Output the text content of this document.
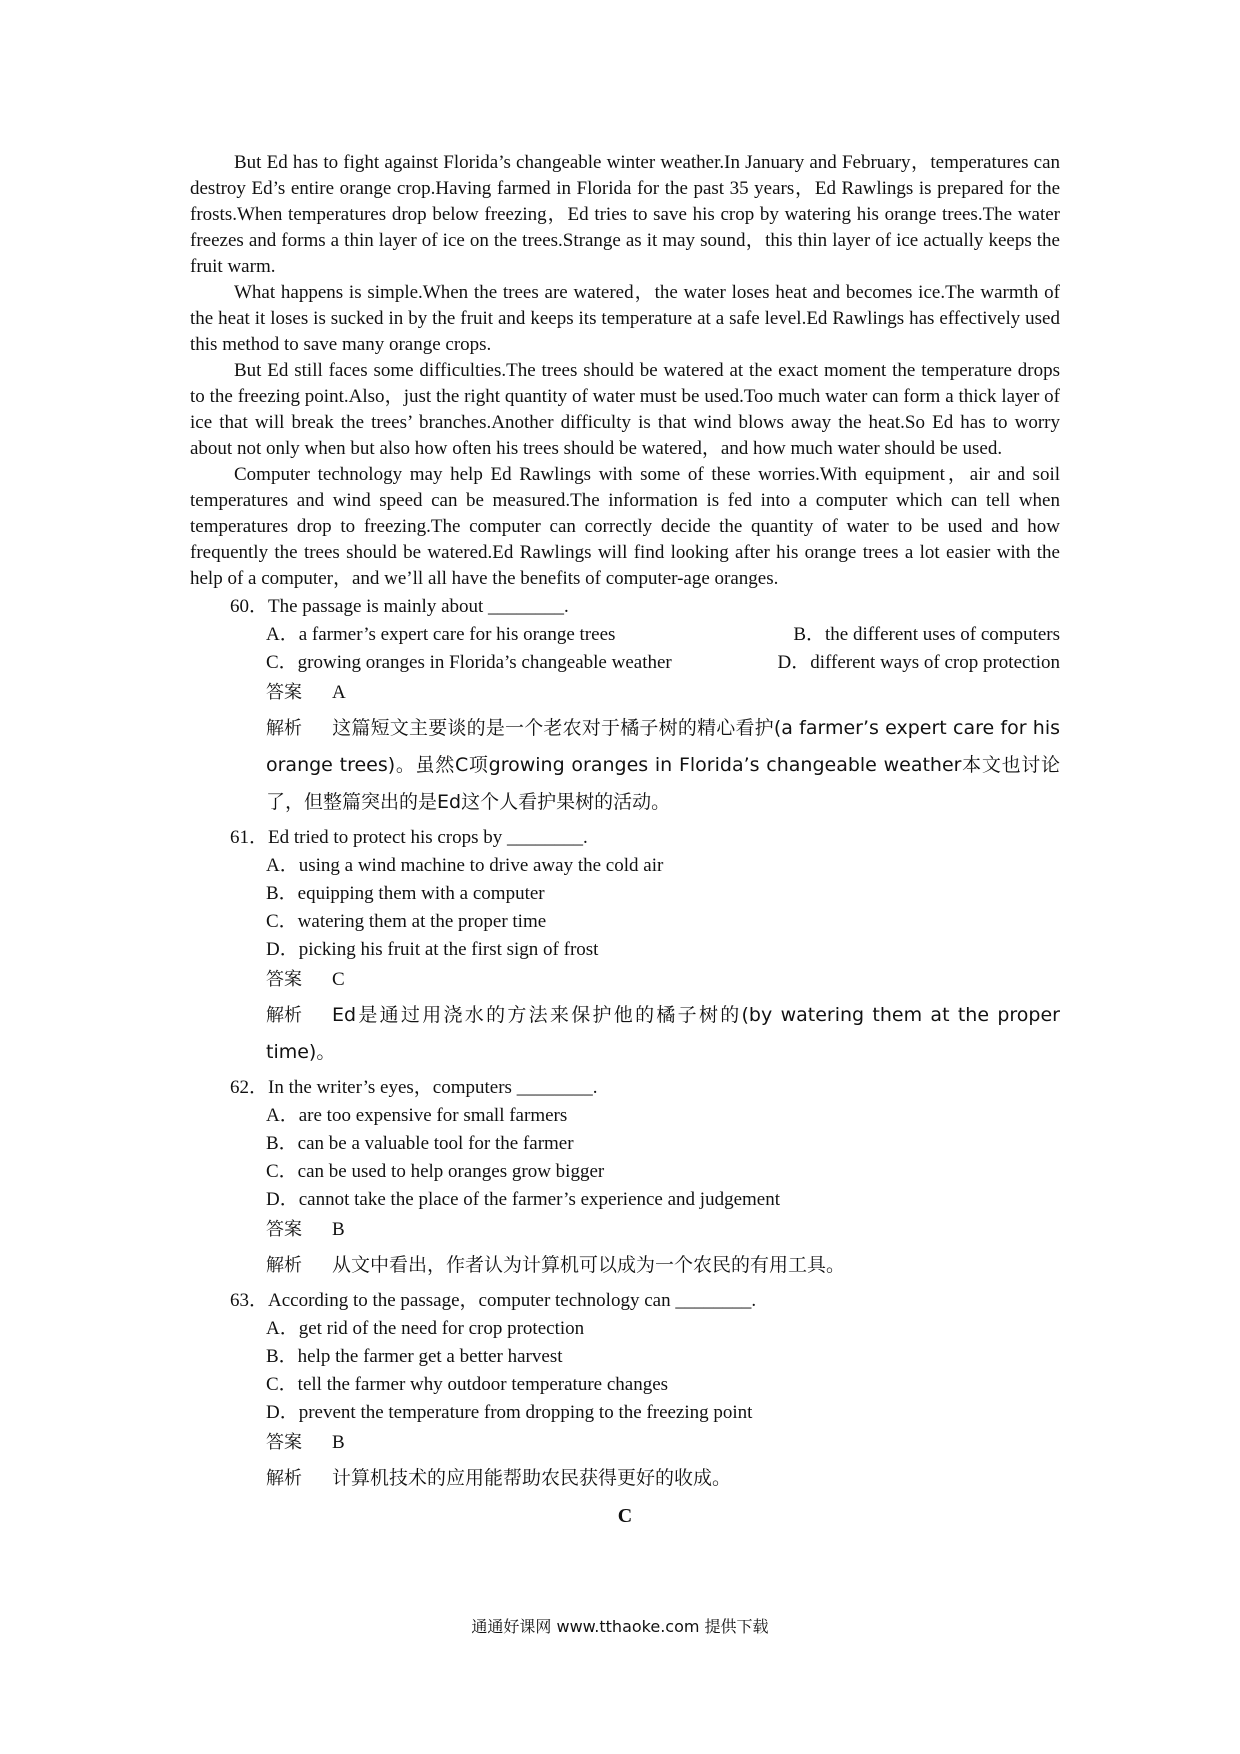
But Ed has to fight against Florida’s changeable winter weather.In January and February，temperatures can destroy Ed’s entire orange crop.Having farmed in Florida for the past 35 years，Ed Rawlings is prepared for the frosts.When temperatures drop below freezing，Ed tries to save his crop by watering his orange trees.The water freezes and forms a thin layer of ice on the trees.Strange as it may sound，this thin layer of ice actually keeps the fruit warm.

What happens is simple.When the trees are watered，the water loses heat and becomes ice.The warmth of the heat it loses is sucked in by the fruit and keeps its temperature at a safe level.Ed Rawlings has effectively used this method to save many orange crops.

But Ed still faces some difficulties.The trees should be watered at the exact moment the temperature drops to the freezing point.Also，just the right quantity of water must be used.Too much water can form a thick layer of ice that will break the trees’ branches.Another difficulty is that wind blows away the heat.So Ed has to worry about not only when but also how often his trees should be watered，and how much water should be used.

Computer technology may help Ed Rawlings with some of these worries.With equipment，air and soil temperatures and wind speed can be measured.The information is fed into a computer which can tell when temperatures drop to freezing.The computer can correctly decide the quantity of water to be used and how frequently the trees should be watered.Ed Rawlings will find looking after his orange trees a lot easier with the help of a computer，and we’ll all have the benefits of computer-age oranges.

60．The passage is mainly about ________.
A．a farmer’s expert care for his orange trees	B．the different uses of computers
C．growing oranges in Florida’s changeable weather	D．different ways of crop protection
答案 A
解析 这篇短文主要谈的是一个老农对于橘子树的精心看护(a farmer’s expert care for his orange trees)。虽然C项growing oranges in Florida’s changeable weather本文也讨论了，但整篇突出的是Ed这个人看护果树的活动。
61．Ed tried to protect his crops by ________.
A．using a wind machine to drive away the cold air
B．equipping them with a computer
C．watering them at the proper time
D．picking his fruit at the first sign of frost
答案 C
解析 Ed是通过用浇水的方法来保护他的橘子树的(by watering them at the proper time)。
62．In the writer’s eyes，computers ________.
A．are too expensive for small farmers
B．can be a valuable tool for the farmer
C．can be used to help oranges grow bigger
D．cannot take the place of the farmer’s experience and judgement
答案 B
解析 从文中看出，作者认为计算机可以成为一个农民的有用工具。
63．According to the passage，computer technology can ________.
A．get rid of the need for crop protection
B．help the farmer get a better harvest
C．tell the farmer why outdoor temperature changes
D．prevent the temperature from dropping to the freezing point
答案 B
解析 计算机技术的应用能帮助农民获得更好的收成。
C
通通好课网 www.tthaoke.com 提供下载
